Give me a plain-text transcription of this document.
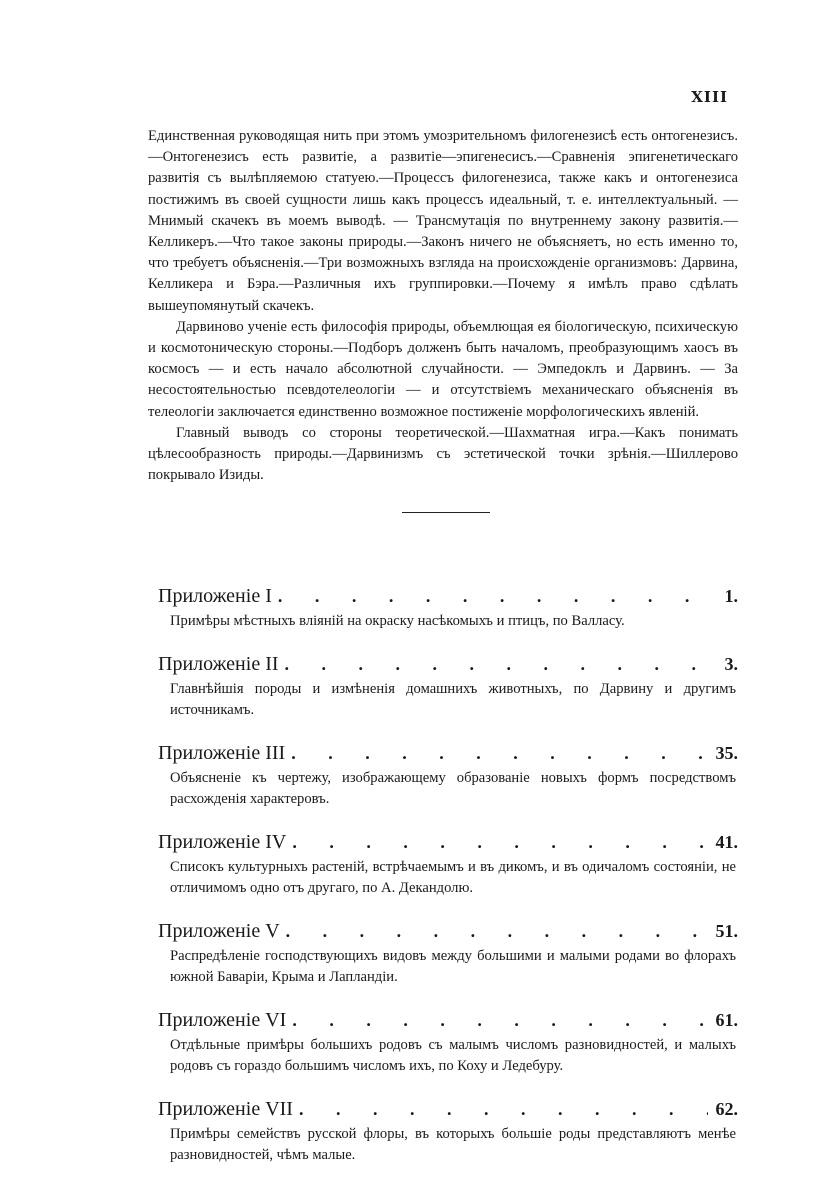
XIII

Единственная руководящая нить при этомъ умозрительномъ филогенезисѣ есть онтогенезисъ.—Онтогенезисъ есть развитіе, а развитіе—эпигенесисъ.—Сравненія эпигенетическаго развитія съ вылѣпляемою статуею.—Процессъ филогенезиса, также какъ и онтогенезиса постижимъ въ своей сущности лишь какъ процессъ идеальный, т. е. интеллектуальный. — Мнимый скачекъ въ моемъ выводѣ. — Трансмутація по внутреннему закону развитія.—Келликеръ.—Что такое законы природы.—Законъ ничего не объясняетъ, но есть именно то, что требуетъ объясненія.—Три возможныхъ взгляда на происхожденіе организмовъ: Дарвина, Келликера и Бэра.—Различныя ихъ группировки.—Почему я имѣлъ право сдѣлать вышеупомянутый скачекъ.

Дарвиново ученіе есть философія природы, объемлющая ея біологическую, психическую и космотоническую стороны.—Подборъ долженъ быть началомъ, преобразующимъ хаосъ въ космосъ — и есть начало абсолютной случайности. — Эмпедоклъ и Дарвинъ. — За несостоятельностью псевдотелеологіи — и отсутствіемъ механическаго объясненія въ телеологіи заключается единственно возможное постиженіе морфологическихъ явленій.

Главный выводъ со стороны теоретической.—Шахматная игра.—Какъ понимать цѣлесообразность природы.—Дарвинизмъ съ эстетической точки зрѣнія.—Шиллерово покрывало Изиды.

Приложеніе I . . .	1.
Примѣры мѣстныхъ вліяній на окраску насѣкомыхъ и птицъ, по Валласу.
Приложеніе II . . .	3.
Главнѣйшія породы и измѣненія домашнихъ животныхъ, по Дарвину и другимъ источникамъ.
Приложеніе III . . .	35.
Объясненіе къ чертежу, изображающему образованіе новыхъ формъ посредствомъ расхожденія характеровъ.
Приложеніе IV . . .	41.
Списокъ культурныхъ растеній, встрѣчаемымъ и въ дикомъ, и въ одичаломъ состояніи, не отличимомъ одно отъ другаго, по А. Декандолю.
Приложеніе V . . .	51.
Распредѣленіе господствующихъ видовъ между большими и малыми родами во флорахъ южной Баваріи, Крыма и Лапландіи.
Приложеніе VI . . .	61.
Отдѣльные примѣры большихъ родовъ съ малымъ числомъ разновидностей, и малыхъ родовъ съ гораздо большимъ числомъ ихъ, по Коху и Ледебуру.
Приложеніе VII . . .	62.
Примѣры семействъ русской флоры, въ которыхъ большіе роды представляютъ менѣе разновидностей, чѣмъ малые.
